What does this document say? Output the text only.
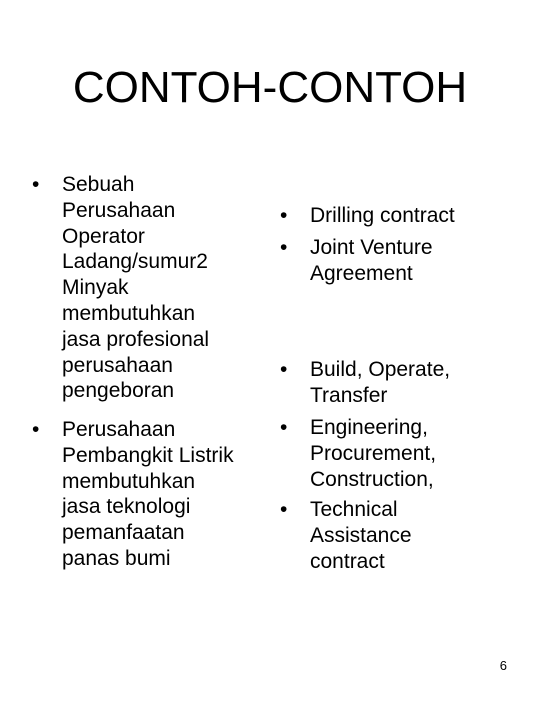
CONTOH-CONTOH
•	Sebuah
Perusahaan
Operator
Ladang/sumur2
Minyak
membutuhkan
jasa profesional
perusahaan
pengeboran
•	Perusahaan
Pembangkit Listrik
membutuhkan
jasa teknologi
pemanfaatan
panas bumi
•	Drilling contract
•	Joint Venture
Agreement
•	Build, Operate,
Transfer
•	Engineering,
Procurement,
Construction,
•	Technical
Assistance
contract
6
